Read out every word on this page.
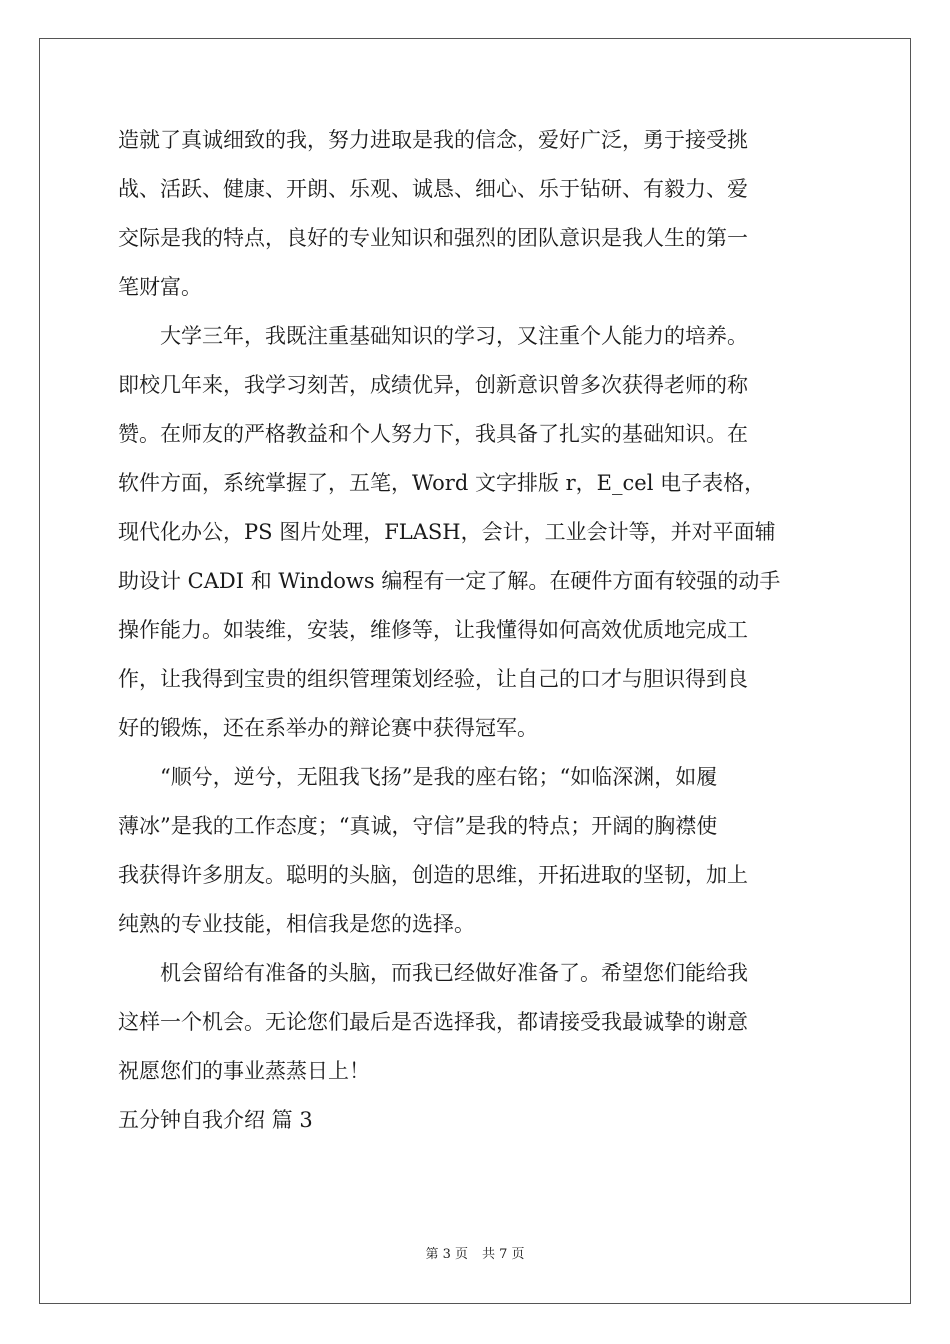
造就了真诚细致的我，努力进取是我的信念，爱好广泛，勇于接受挑
战、活跃、健康、开朗、乐观、诚恳、细心、乐于钻研、有毅力、爱
交际是我的特点，良好的专业知识和强烈的团队意识是我人生的第一
笔财富。
大学三年，我既注重基础知识的学习，又注重个人能力的培养。
即校几年来，我学习刻苦，成绩优异，创新意识曾多次获得老师的称
赞。在师友的严格教益和个人努力下，我具备了扎实的基础知识。在
软件方面，系统掌握了，五笔，Word 文字排版 r，E_cel 电子表格，
现代化办公，PS 图片处理，FLASH，会计，工业会计等，并对平面辅
助设计 CADI 和 Windows 编程有一定了解。在硬件方面有较强的动手
操作能力。如装维，安装，维修等，让我懂得如何高效优质地完成工
作，让我得到宝贵的组织管理策划经验，让自己的口才与胆识得到良
好的锻炼，还在系举办的辩论赛中获得冠军。
“顺兮，逆兮，无阻我飞扬”是我的座右铭；“如临深渊，如履
薄冰”是我的工作态度；“真诚，守信”是我的特点；开阔的胸襟使
我获得许多朋友。聪明的头脑，创造的思维，开拓进取的坚韧，加上
纯熟的专业技能，相信我是您的选择。
机会留给有准备的头脑，而我已经做好准备了。希望您们能给我
这样一个机会。无论您们最后是否选择我，都请接受我最诚挚的谢意
祝愿您们的事业蒸蒸日上！
五分钟自我介绍 篇 3
第 3 页 共 7 页
